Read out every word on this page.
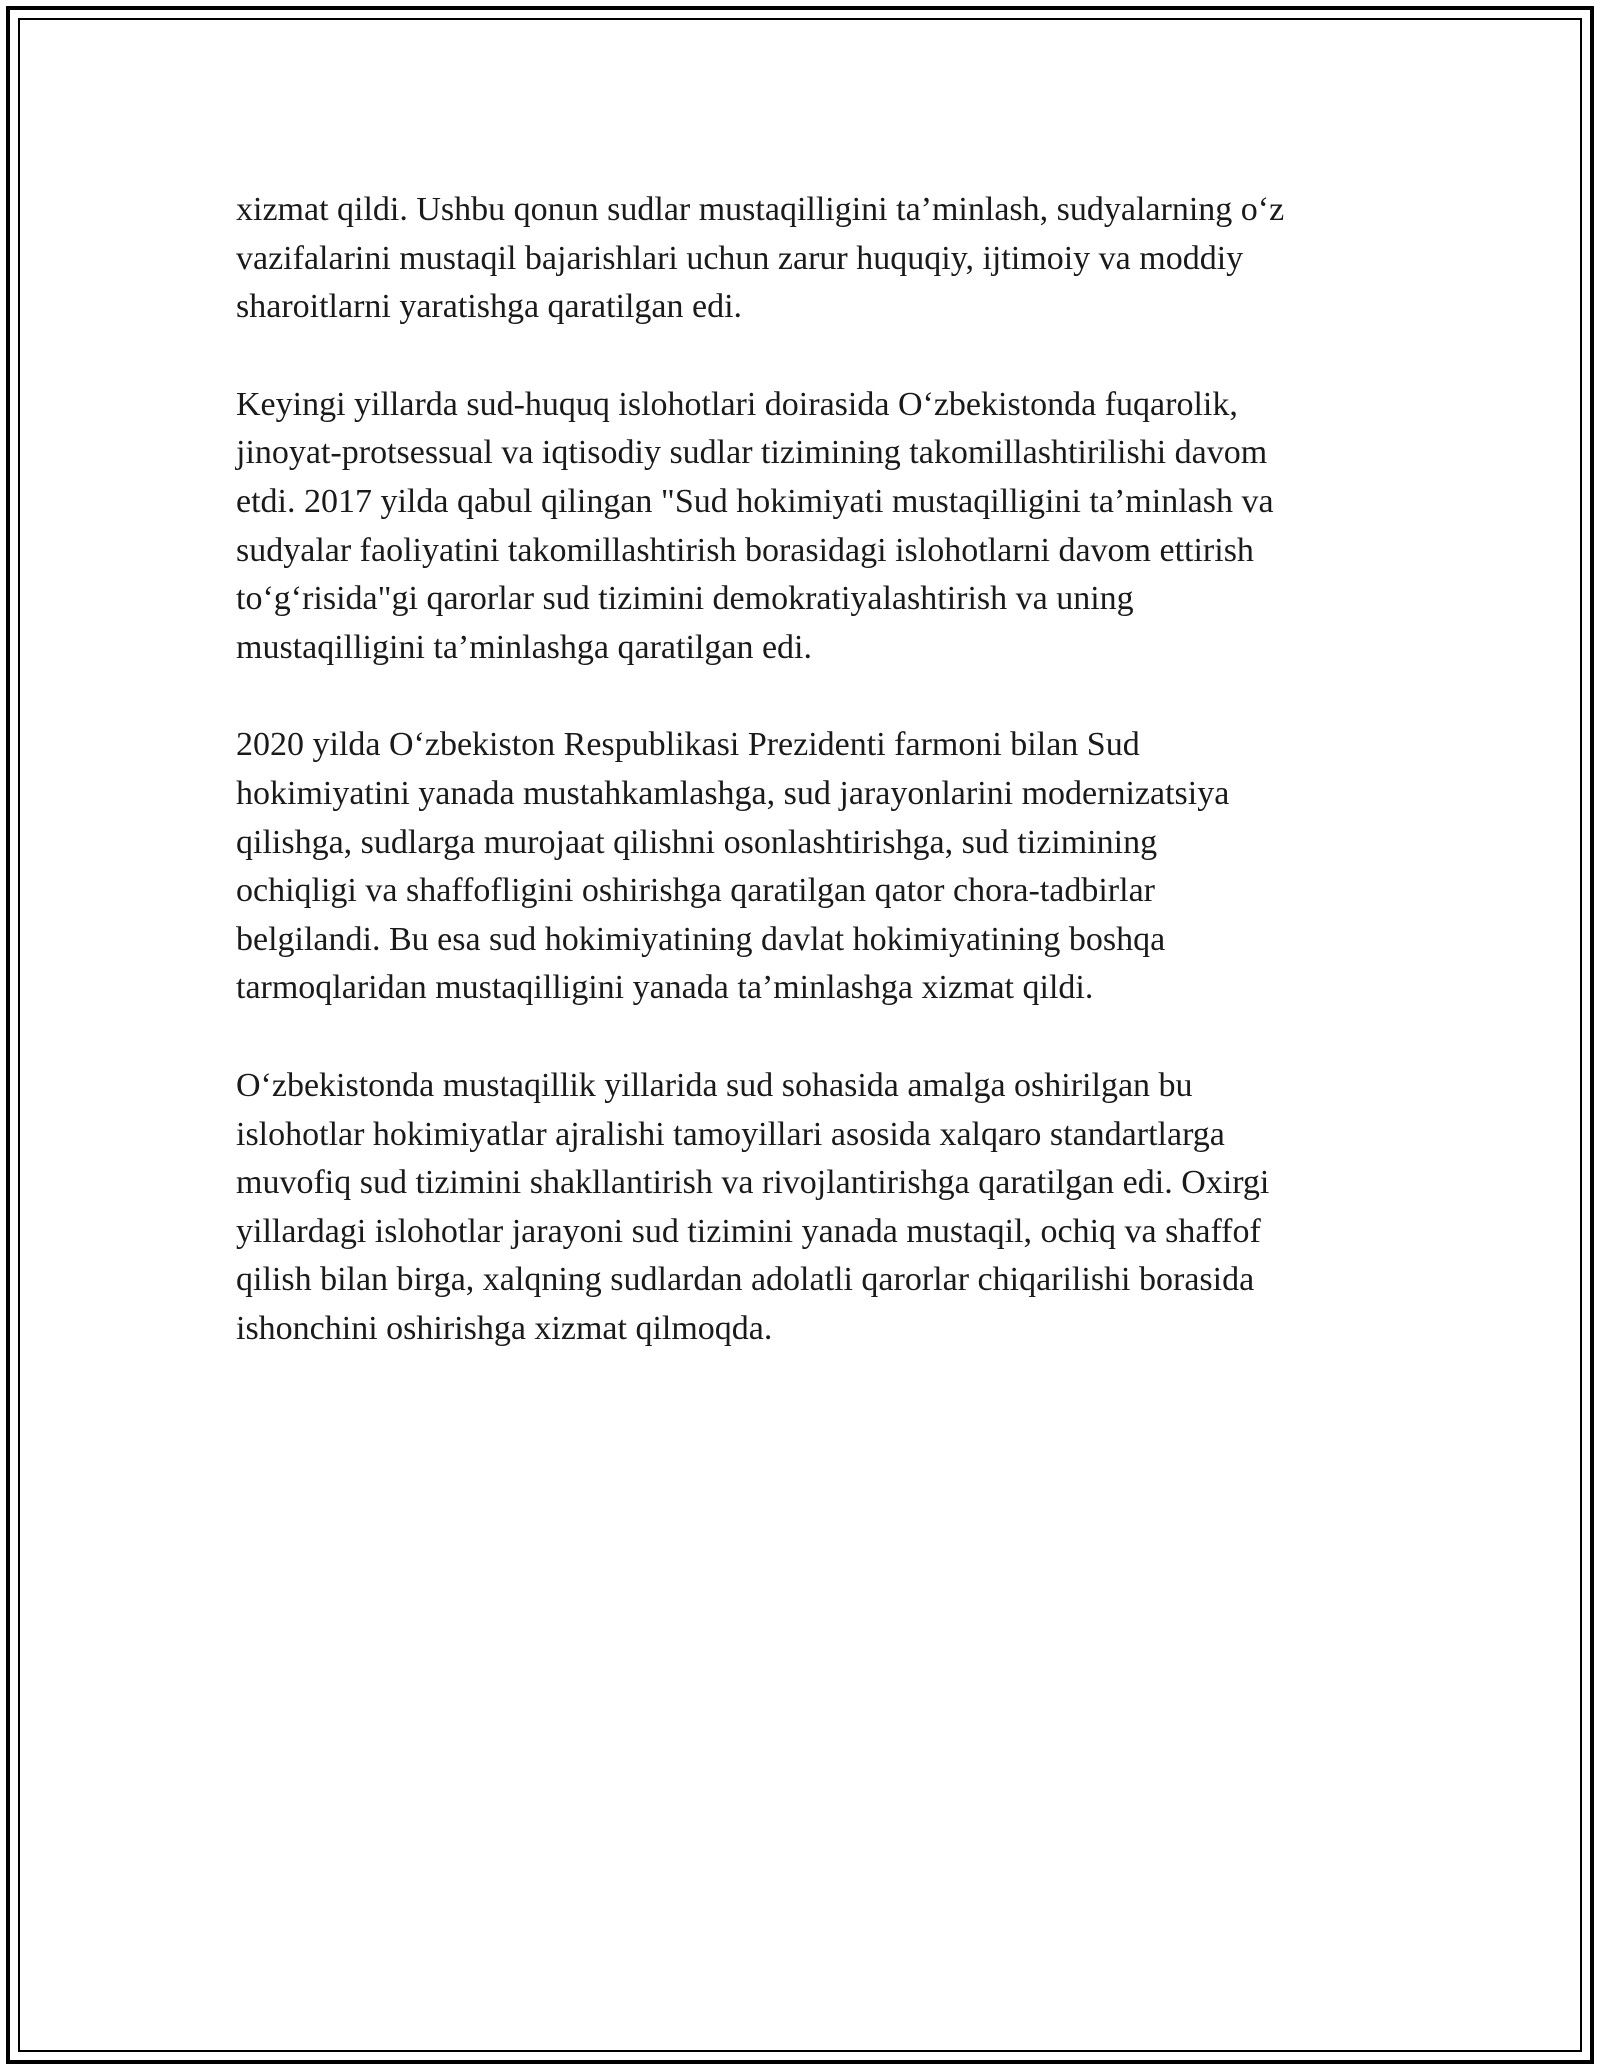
xizmat qildi. Ushbu qonun sudlar mustaqilligini ta’minlash, sudyalarning o‘z
vazifalarini mustaqil bajarishlari uchun zarur huquqiy, ijtimoiy va moddiy
sharoitlarni yaratishga qaratilgan edi.

Keyingi yillarda sud-huquq islohotlari doirasida O‘zbekistonda fuqarolik,
jinoyat-protsessual va iqtisodiy sudlar tizimining takomillashtirilishi davom
etdi. 2017 yilda qabul qilingan "Sud hokimiyati mustaqilligini ta’minlash va
sudyalar faoliyatini takomillashtirish borasidagi islohotlarni davom ettirish
to‘g‘risida"gi qarorlar sud tizimini demokratiyalashtirish va uning
mustaqilligini ta’minlashga qaratilgan edi.

2020 yilda O‘zbekiston Respublikasi Prezidenti farmoni bilan Sud
hokimiyatini yanada mustahkamlashga, sud jarayonlarini modernizatsiya
qilishga, sudlarga murojaat qilishni osonlashtirishga, sud tizimining
ochiqligi va shaffofligini oshirishga qaratilgan qator chora-tadbirlar
belgilandi. Bu esa sud hokimiyatining davlat hokimiyatining boshqa
tarmoqlaridan mustaqilligini yanada ta’minlashga xizmat qildi.

O‘zbekistonda mustaqillik yillarida sud sohasida amalga oshirilgan bu
islohotlar hokimiyatlar ajralishi tamoyillari asosida xalqaro standartlarga
muvofiq sud tizimini shakllantirish va rivojlantirishga qaratilgan edi. Oxirgi
yillardagi islohotlar jarayoni sud tizimini yanada mustaqil, ochiq va shaffof
qilish bilan birga, xalqning sudlardan adolatli qarorlar chiqarilishi borasida
ishonchini oshirishga xizmat qilmoqda.
